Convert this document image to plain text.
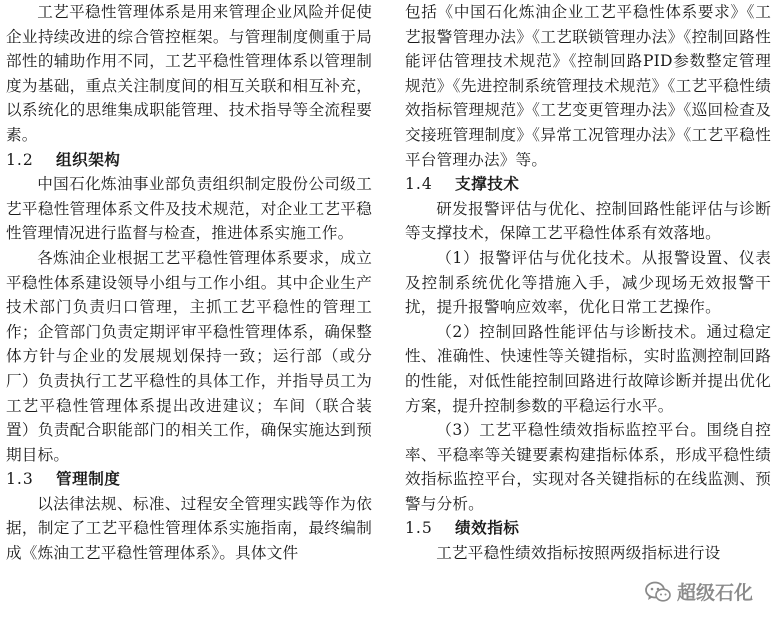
工艺平稳性管理体系是用来管理企业风险并促使企业持续改进的综合管控框架。与管理制度侧重于局部性的辅助作用不同，工艺平稳性管理体系以管理制度为基础，重点关注制度间的相互关联和相互补充，以系统化的思维集成职能管理、技术指导等全流程要素。

1.2	组织架构

中国石化炼油事业部负责组织制定股份公司级工艺平稳性管理体系文件及技术规范，对企业工艺平稳性管理情况进行监督与检查，推进体系实施工作。

各炼油企业根据工艺平稳性管理体系要求，成立平稳性体系建设领导小组与工作小组。其中企业生产技术部门负责归口管理，主抓工艺平稳性的管理工作；企管部门负责定期评审平稳性管理体系，确保整体方针与企业的发展规划保持一致；运行部（或分厂）负责执行工艺平稳性的具体工作，并指导员工为工艺平稳性管理体系提出改进建议；车间（联合装置）负责配合职能部门的相关工作，确保实施达到预期目标。

1.3	管理制度

以法律法规、标准、过程安全管理实践等作为依据，制定了工艺平稳性管理体系实施指南，最终编制成《炼油工艺平稳性管理体系》。具体文件

包括《中国石化炼油企业工艺平稳性体系要求》《工艺报警管理办法》《工艺联锁管理办法》《控制回路性能评估管理技术规范》《控制回路PID参数整定管理规范》《先进控制系统管理技术规范》《工艺平稳性绩效指标管理规范》《工艺变更管理办法》《巡回检查及交接班管理制度》《异常工况管理办法》《工艺平稳性平台管理办法》等。

1.4	支撑技术

研发报警评估与优化、控制回路性能评估与诊断等支撑技术，保障工艺平稳性体系有效落地。

（1）报警评估与优化技术。从报警设置、仪表及控制系统优化等措施入手，减少现场无效报警干扰，提升报警响应效率，优化日常工艺操作。

（2）控制回路性能评估与诊断技术。通过稳定性、准确性、快速性等关键指标，实时监测控制回路的性能，对低性能控制回路进行故障诊断并提出优化方案，提升控制参数的平稳运行水平。

（3）工艺平稳性绩效指标监控平台。围绕自控率、平稳率等关键要素构建指标体系，形成平稳性绩效指标监控平台，实现对各关键指标的在线监测、预警与分析。

1.5	绩效指标

工艺平稳性绩效指标按照两级指标进行设

超级石化
